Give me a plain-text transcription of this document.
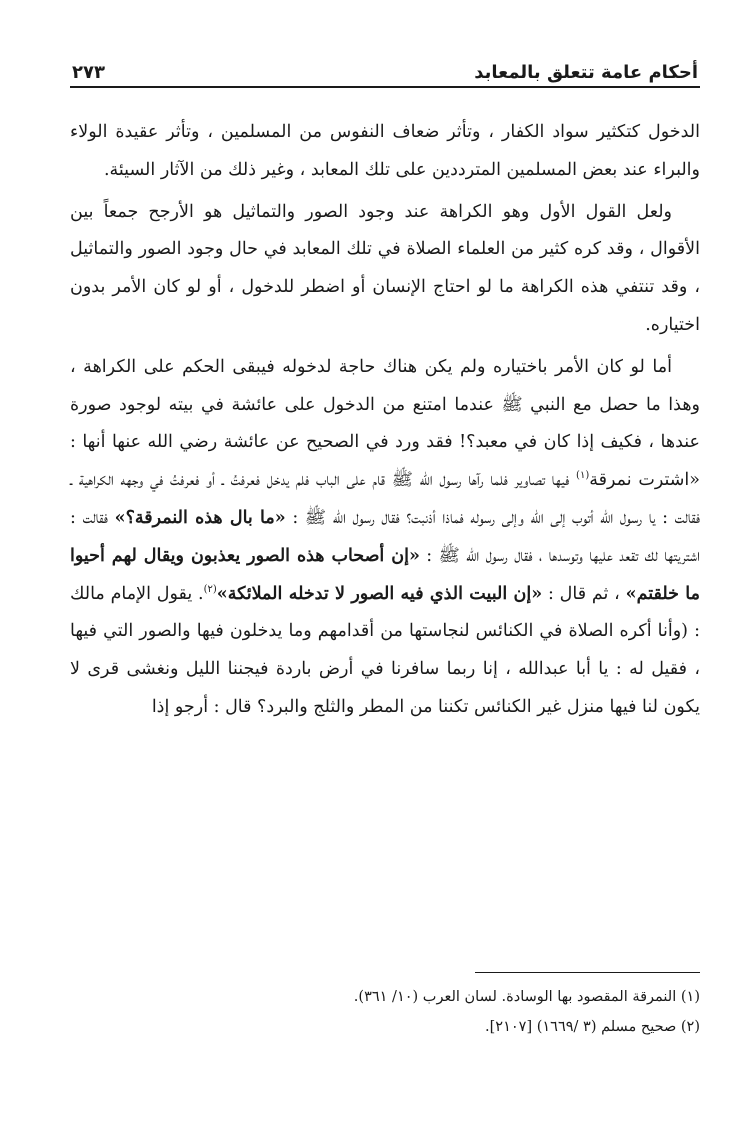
أحكام عامة تتعلق بالمعابد
٢٧٣

الدخول كتكثير سواد الكفار ، وتأثر ضعاف النفوس من المسلمين ، وتأثر عقيدة الولاء والبراء عند بعض المسلمين المترددين على تلك المعابد ، وغير ذلك من الآثار السيئة.

ولعل القول الأول وهو الكراهة عند وجود الصور والتماثيل هو الأرجح جمعاً بين الأقوال ، وقد كره كثير من العلماء الصلاة في تلك المعابد في حال وجود الصور والتماثيل ، وقد تنتفي هذه الكراهة ما لو احتاج الإنسان أو اضطر للدخول ، أو لو كان الأمر بدون اختياره.

أما لو كان الأمر باختياره ولم يكن هناك حاجة لدخوله فيبقى الحكم على الكراهة ، وهذا ما حصل مع النبي ﷺ عندما امتنع من الدخول على عائشة في بيته لوجود صورة عندها ، فكيف إذا كان في معبد؟! فقد ورد في الصحيح عن عائشة رضي الله عنها أنها : «اشترت نمرقة$^{(١)}$ فيها تصاوير فلما رآها رسول الله ﷺ قام على الباب فلم يدخل فعرفتُ ـ أو فعرفتُ في وجهه الكراهية ـ فقالت : يا رسول الله أتوب إلى الله وإلى رسوله فماذا أذنبت؟ فقال رسول الله ﷺ : «ما بال هذه النمرقة؟» فقالت : اشتريتها لك تقعد عليها وتوسدها ، فقال رسول الله ﷺ : «إن أصحاب هذه الصور يعذبون ويقال لهم أحيوا ما خلقتم» ، ثم قال : «إن البيت الذي فيه الصور لا تدخله الملائكة»$^{(٢)}$. يقول الإمام مالك : (وأنا أكره الصلاة في الكنائس لنجاستها من أقدامهم وما يدخلون فيها والصور التي فيها ، فقيل له : يا أبا عبدالله ، إنا ربما سافرنا في أرض باردة فيجننا الليل ونغشى قرى لا يكون لنا فيها منزل غير الكنائس تكننا من المطر والثلج والبرد؟ قال : أرجو إذا

(١) النمرقة المقصود بها الوسادة. لسان العرب (١٠/ ٣٦١).
(٢) صحيح مسلم (٣ /١٦٦٩) [٢١٠٧].
